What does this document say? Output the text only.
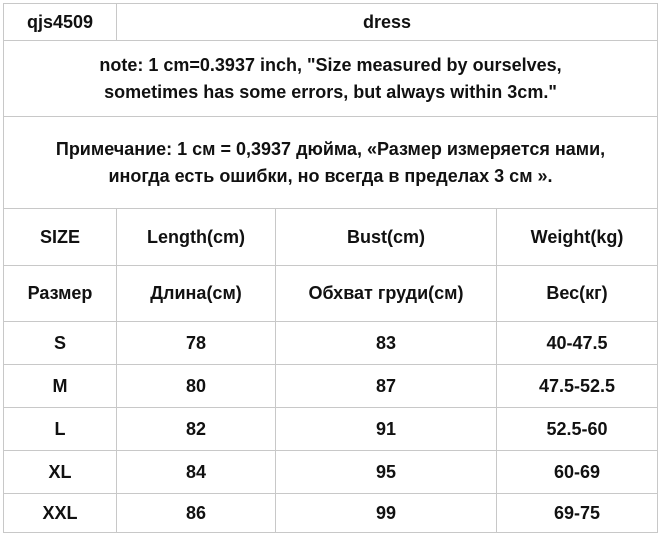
qjs4509	dress		

note: 1 cm=0.3937 inch, "Size measured by ourselves,
sometimes has some errors, but always within 3cm."			

Примечание: 1 см = 0,3937 дюйма, «Размер измеряется нами,
иногда есть ошибки, но всегда в пределах 3 см ».			

SIZE	Length(cm)	Bust(cm)	Weight(kg)
Размер	Длина(см)	Обхват груди(см)	Вес(кг)
S	78	83	40-47.5
M	80	87	47.5-52.5
L	82	91	52.5-60
XL	84	95	60-69
XXL	86	99	69-75
